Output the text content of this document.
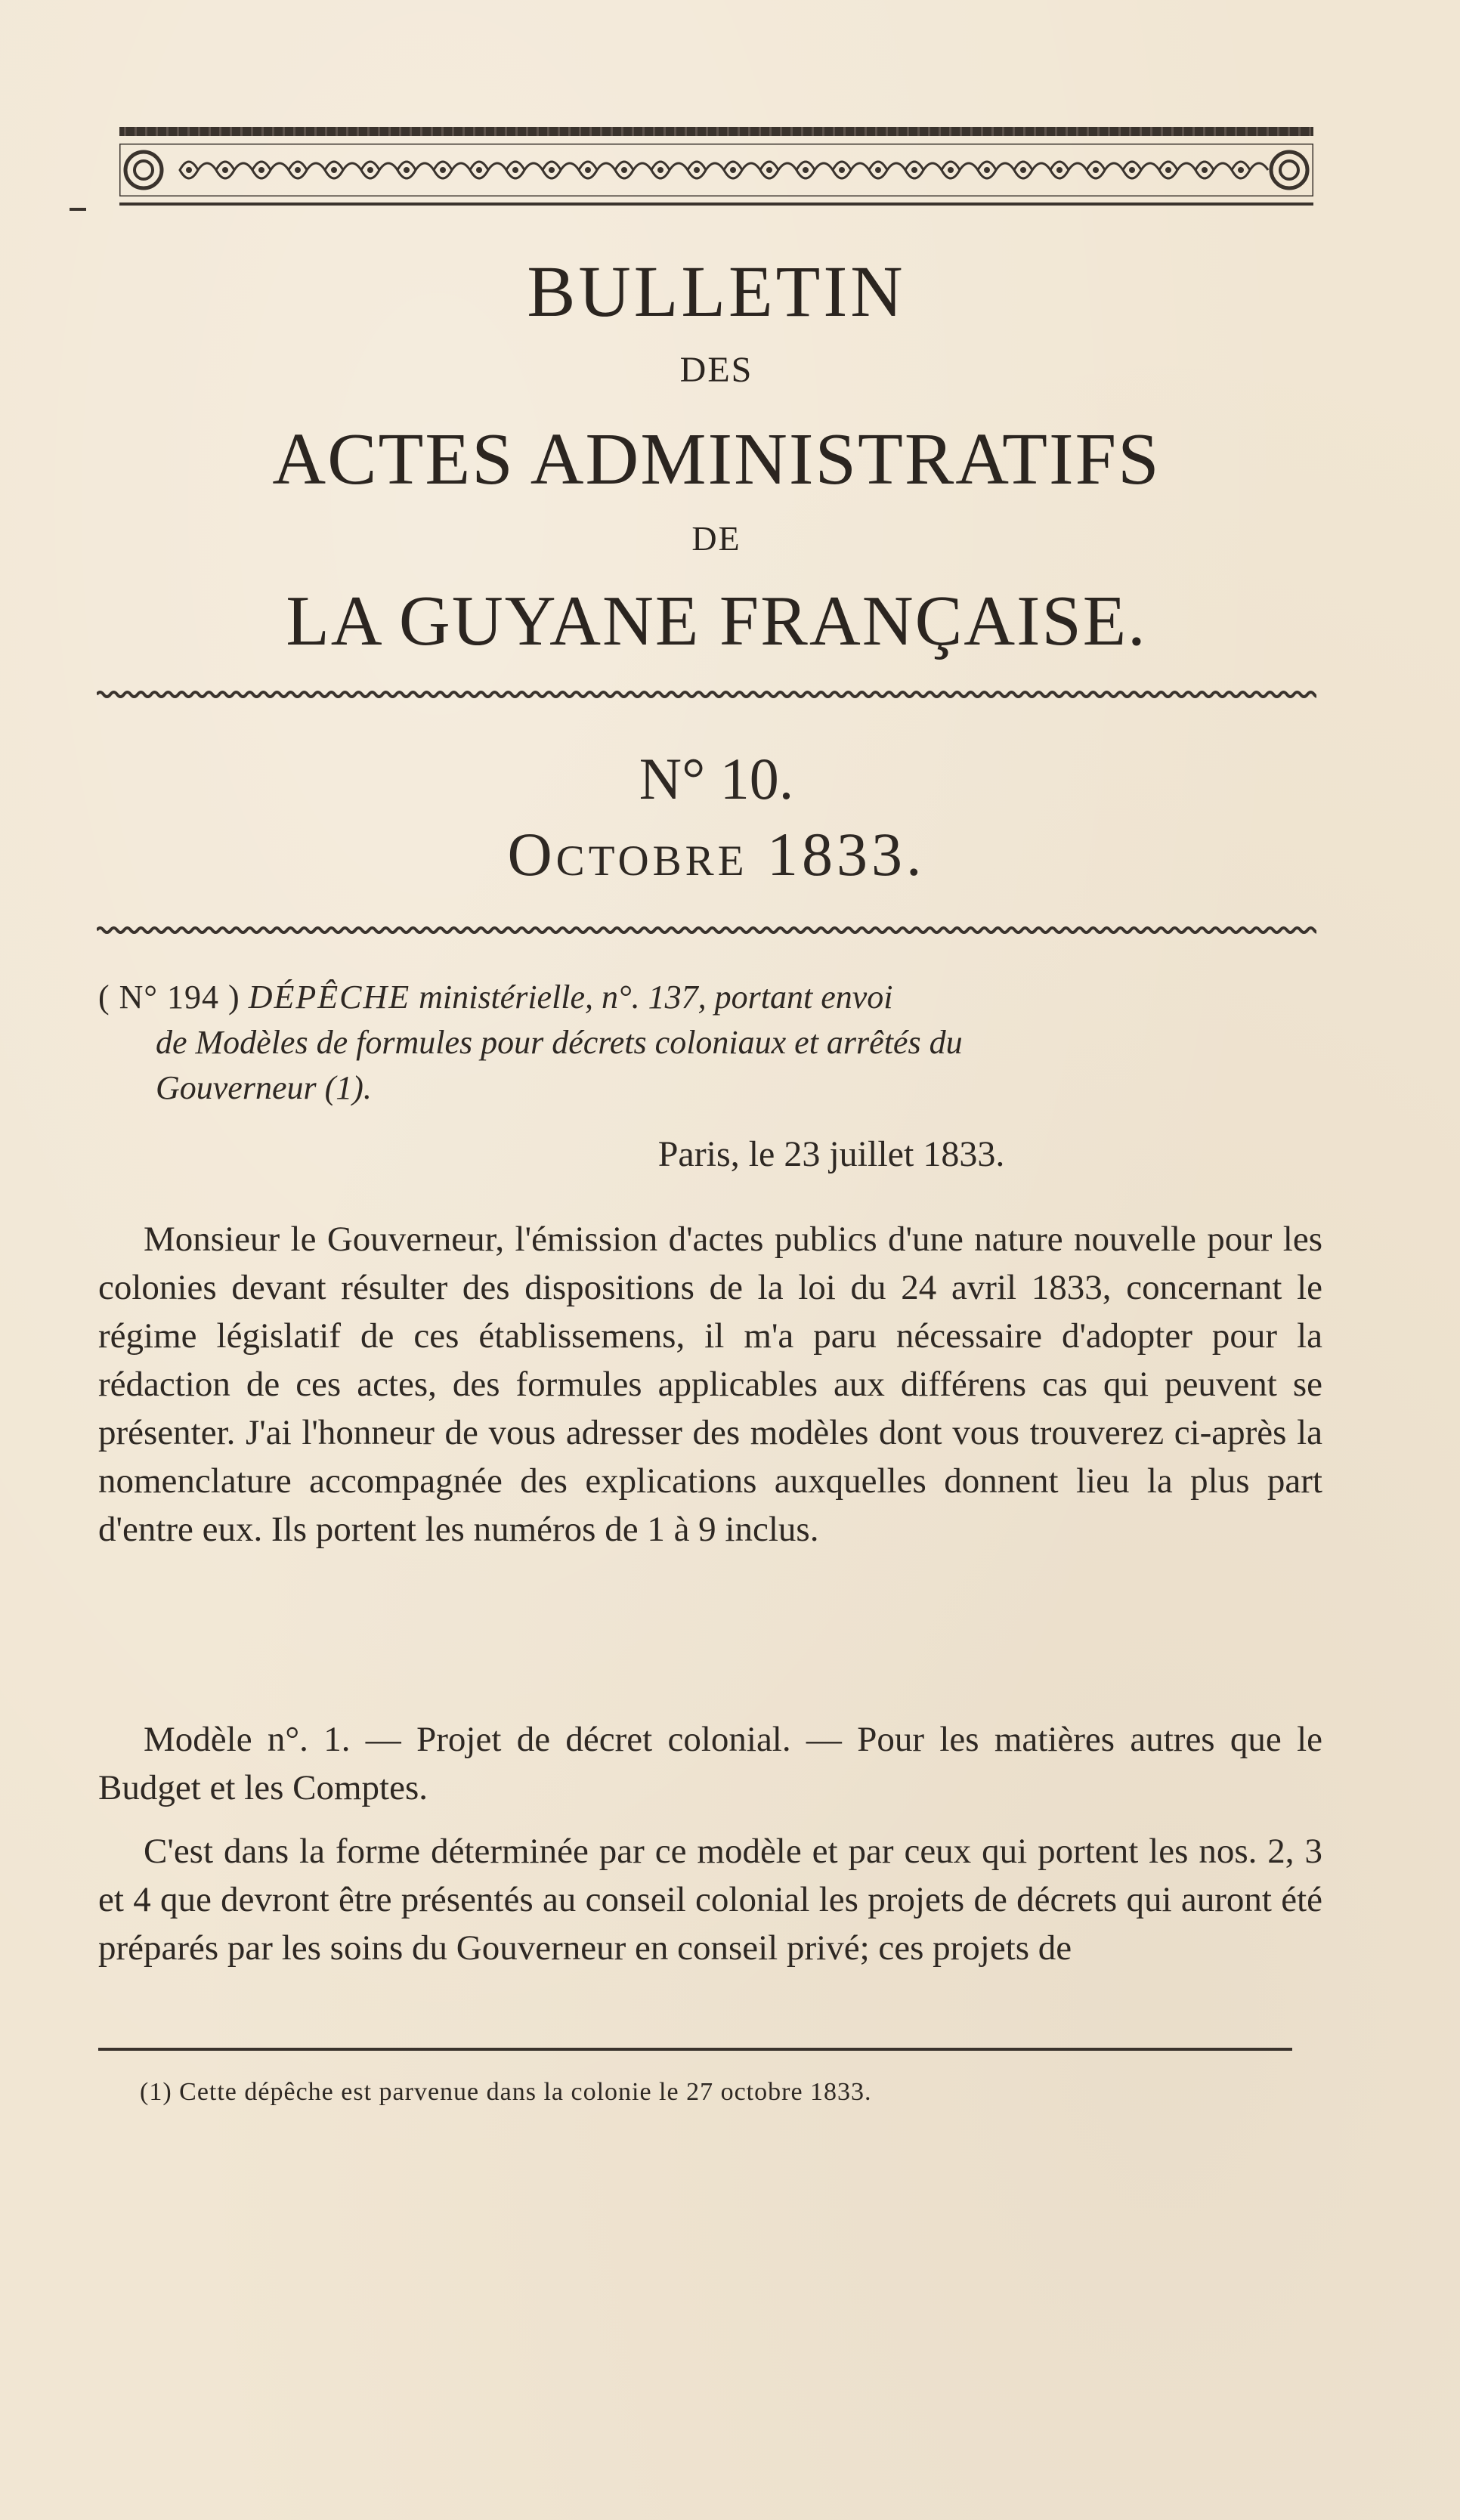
BULLETIN
DES
ACTES ADMINISTRATIFS
DE
LA GUYANE FRANÇAISE.
N° 10.
Octobre 1833.
( N° 194 ) DÉPÊCHE ministérielle, n°. 137, portant envoi
de Modèles de formules pour décrets coloniaux et arrêtés du
Gouverneur (1).
Paris, le 23 juillet 1833.

Monsieur le Gouverneur, l'émission d'actes publics d'une nature nouvelle pour les colonies devant résulter des dispositions de la loi du 24 avril 1833, concernant le régime législatif de ces établissemens, il m'a paru nécessaire d'adopter pour la rédaction de ces actes, des formules applicables aux différens cas qui peuvent se présenter. J'ai l'honneur de vous adresser des modèles dont vous trouverez ci-après la nomenclature accompagnée des explications auxquelles donnent lieu la plus part d'entre eux. Ils portent les numéros de 1 à 9 inclus.

Modèle n°. 1. — Projet de décret colonial. — Pour les matières autres que le Budget et les Comptes.

C'est dans la forme déterminée par ce modèle et par ceux qui portent les nos. 2, 3 et 4 que devront être présentés au conseil colonial les projets de décrets qui auront été préparés par les soins du Gouverneur en conseil privé; ces projets de

(1) Cette dépêche est parvenue dans la colonie le 27 octobre 1833.
